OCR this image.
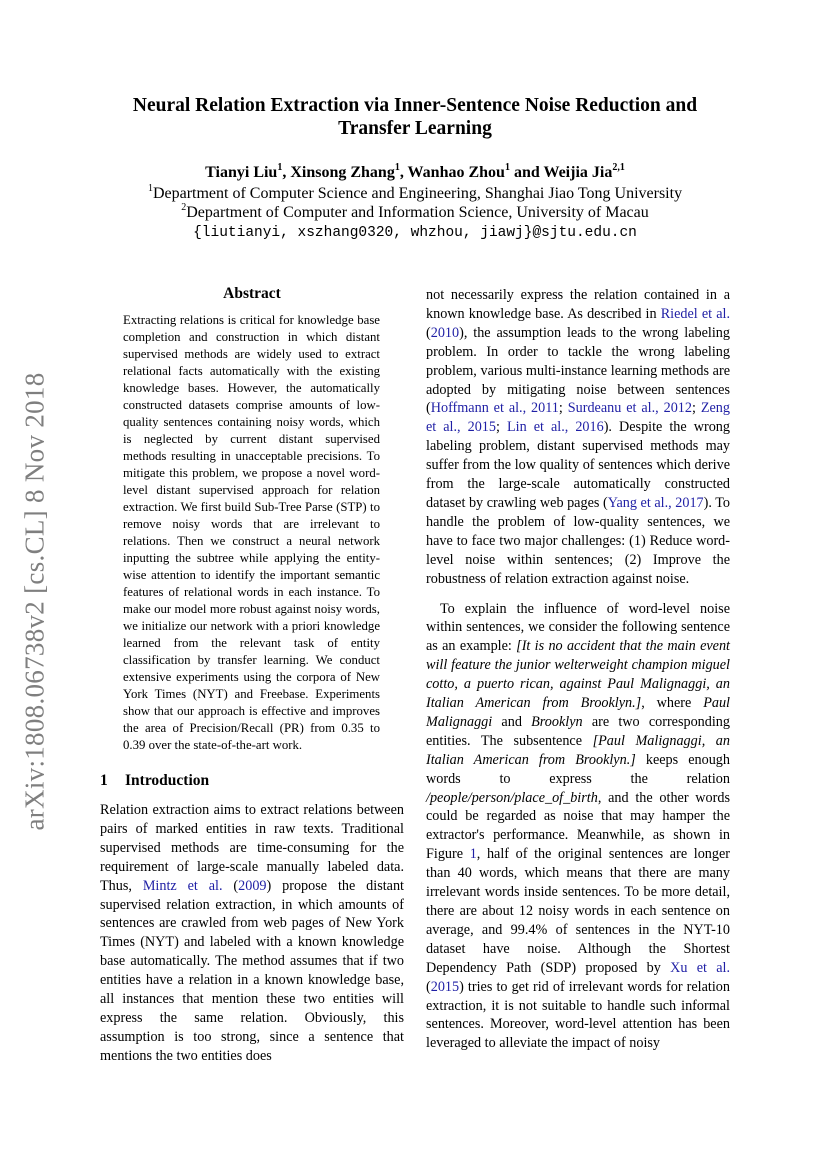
arXiv:1808.06738v2 [cs.CL] 8 Nov 2018
Neural Relation Extraction via Inner-Sentence Noise Reduction and Transfer Learning
Tianyi Liu$^1$, Xinsong Zhang$^1$, Wanhao Zhou$^1$ and Weijia Jia$^{2,1}$
$^1$Department of Computer Science and Engineering, Shanghai Jiao Tong University
$^2$Department of Computer and Information Science, University of Macau
{liutianyi, xszhang0320, whzhou, jiawj}@sjtu.edu.cn
Abstract

Extracting relations is critical for knowledge base completion and construction in which distant supervised methods are widely used to extract relational facts automatically with the existing knowledge bases. However, the automatically constructed datasets comprise amounts of low-quality sentences containing noisy words, which is neglected by current distant supervised methods resulting in unacceptable precisions. To mitigate this problem, we propose a novel word-level distant supervised approach for relation extraction. We first build Sub-Tree Parse (STP) to remove noisy words that are irrelevant to relations. Then we construct a neural network inputting the subtree while applying the entity-wise attention to identify the important semantic features of relational words in each instance. To make our model more robust against noisy words, we initialize our network with a priori knowledge learned from the relevant task of entity classification by transfer learning. We conduct extensive experiments using the corpora of New York Times (NYT) and Freebase. Experiments show that our approach is effective and improves the area of Precision/Recall (PR) from 0.35 to 0.39 over the state-of-the-art work.

1 Introduction

Relation extraction aims to extract relations between pairs of marked entities in raw texts. Traditional supervised methods are time-consuming for the requirement of large-scale manually labeled data. Thus, Mintz et al. (2009) propose the distant supervised relation extraction, in which amounts of sentences are crawled from web pages of New York Times (NYT) and labeled with a known knowledge base automatically. The method assumes that if two entities have a relation in a known knowledge base, all instances that mention these two entities will express the same relation. Obviously, this assumption is too strong, since a sentence that mentions the two entities does

not necessarily express the relation contained in a known knowledge base. As described in Riedel et al. (2010), the assumption leads to the wrong labeling problem. In order to tackle the wrong labeling problem, various multi-instance learning methods are adopted by mitigating noise between sentences (Hoffmann et al., 2011; Surdeanu et al., 2012; Zeng et al., 2015; Lin et al., 2016). Despite the wrong labeling problem, distant supervised methods may suffer from the low quality of sentences which derive from the large-scale automatically constructed dataset by crawling web pages (Yang et al., 2017). To handle the problem of low-quality sentences, we have to face two major challenges: (1) Reduce word-level noise within sentences; (2) Improve the robustness of relation extraction against noise.

To explain the influence of word-level noise within sentences, we consider the following sentence as an example: [It is no accident that the main event will feature the junior welterweight champion miguel cotto, a puerto rican, against Paul Malignaggi, an Italian American from Brooklyn.], where Paul Malignaggi and Brooklyn are two corresponding entities. The subsentence [Paul Malignaggi, an Italian American from Brooklyn.] keeps enough words to express the relation /people/person/place_of_birth, and the other words could be regarded as noise that may hamper the extractor's performance. Meanwhile, as shown in Figure 1, half of the original sentences are longer than 40 words, which means that there are many irrelevant words inside sentences. To be more detail, there are about 12 noisy words in each sentence on average, and 99.4% of sentences in the NYT-10 dataset have noise. Although the Shortest Dependency Path (SDP) proposed by Xu et al. (2015) tries to get rid of irrelevant words for relation extraction, it is not suitable to handle such informal sentences. Moreover, word-level attention has been leveraged to alleviate the impact of noisy
